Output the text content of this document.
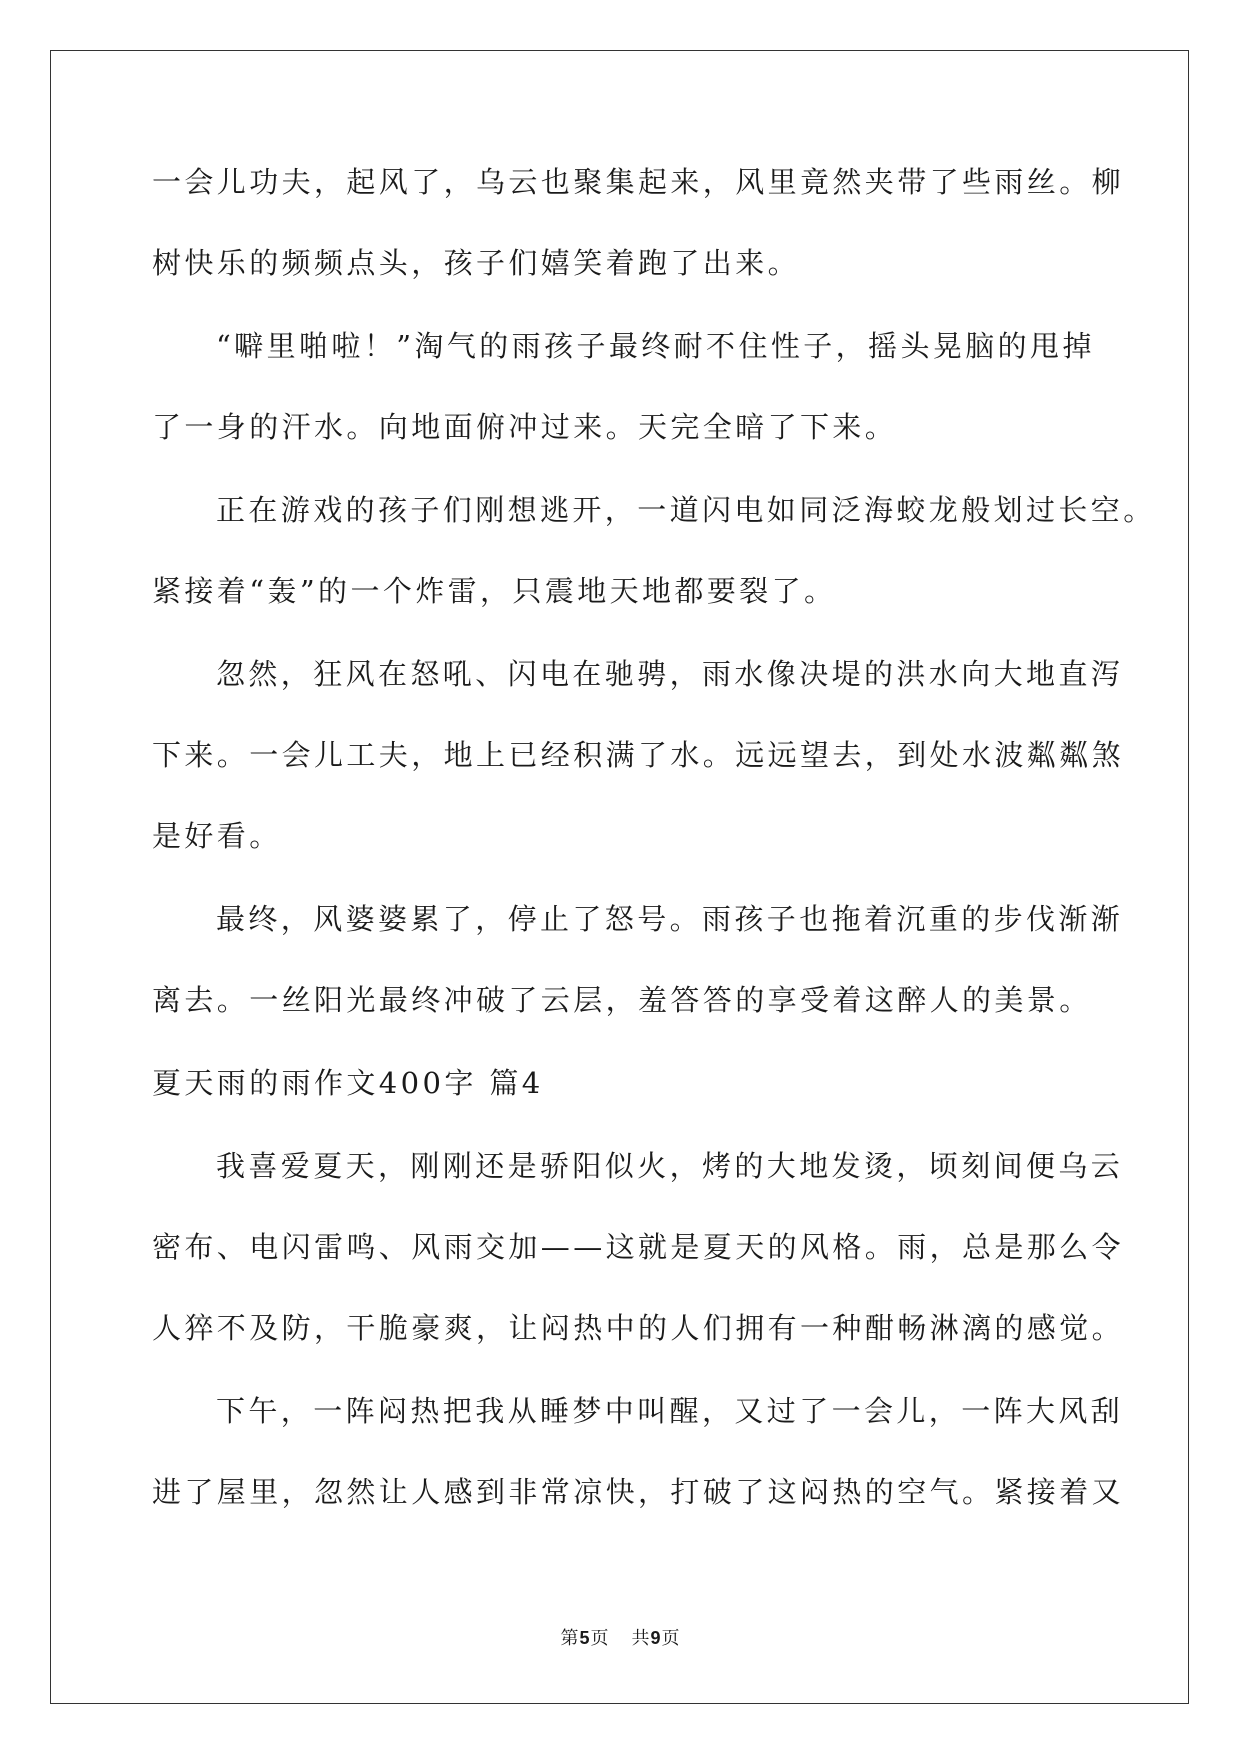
一会儿功夫，起风了，乌云也聚集起来，风里竟然夹带了些雨丝。柳

树快乐的频频点头，孩子们嬉笑着跑了出来。

“噼里啪啦！”淘气的雨孩子最终耐不住性子，摇头晃脑的甩掉

了一身的汗水。向地面俯冲过来。天完全暗了下来。

正在游戏的孩子们刚想逃开，一道闪电如同泛海蛟龙般划过长空。

紧接着“轰”的一个炸雷，只震地天地都要裂了。

忽然，狂风在怒吼、闪电在驰骋，雨水像决堤的洪水向大地直泻

下来。一会儿工夫，地上已经积满了水。远远望去，到处水波粼粼煞

是好看。

最终，风婆婆累了，停止了怒号。雨孩子也拖着沉重的步伐渐渐

离去。一丝阳光最终冲破了云层，羞答答的享受着这醉人的美景。

夏天雨的雨作文400字 篇4

我喜爱夏天，刚刚还是骄阳似火，烤的大地发烫，顷刻间便乌云

密布、电闪雷鸣、风雨交加——这就是夏天的风格。雨，总是那么令

人猝不及防，干脆豪爽，让闷热中的人们拥有一种酣畅淋漓的感觉。

下午，一阵闷热把我从睡梦中叫醒，又过了一会儿，一阵大风刮

进了屋里，忽然让人感到非常凉快，打破了这闷热的空气。紧接着又

第5页 共9页
